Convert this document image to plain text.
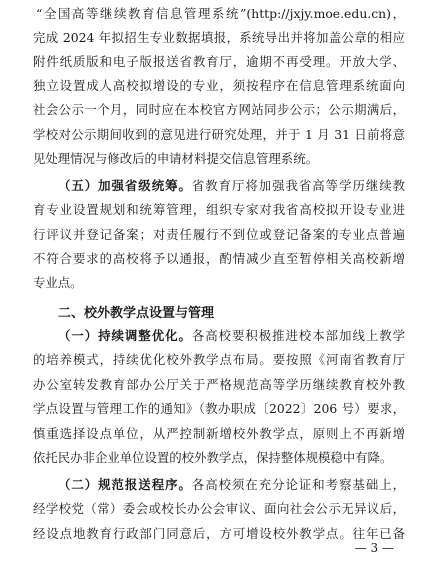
“全国高等继续教育信息管理系统”(http://jxjy.moe.edu.cn)，
完成 2024 年拟招生专业数据填报，系统导出并将加盖公章的相应
附件纸质版和电子版报送省教育厅，逾期不再受理。开放大学、
独立设置成人高校拟增设的专业，须按程序在信息管理系统面向
社会公示一个月，同时应在本校官方网站同步公示；公示期满后，
学校对公示期间收到的意见进行研究处理，并于 1 月 31 日前将意
见处理情况与修改后的申请材料提交信息管理系统。
（五）加强省级统筹。省教育厅将加强我省高等学历继续教
育专业设置规划和统筹管理，组织专家对我省高校拟开设专业进
行评议并登记备案；对责任履行不到位或登记备案的专业点普遍
不符合要求的高校将予以通报，酌情减少直至暂停相关高校新增
专业点。
二、校外教学点设置与管理
（一）持续调整优化。各高校要积极推进校本部加线上教学
的培养模式，持续优化校外教学点布局。要按照《河南省教育厅
办公室转发教育部办公厅关于严格规范高等学历继续教育校外教
学点设置与管理工作的通知》（教办职成〔2022〕206 号）要求，
慎重选择设点单位，从严控制新增校外教学点，原则上不再新增
依托民办非企业单位设置的校外教学点，保持整体规模稳中有降。
（二）规范报送程序。各高校须在充分论证和考察基础上，
经学校党（常）委会或校长办公会审议、面向社会公示无异议后，
经设点地教育行政部门同意后，方可增设校外教学点。往年已备
— 3 —
